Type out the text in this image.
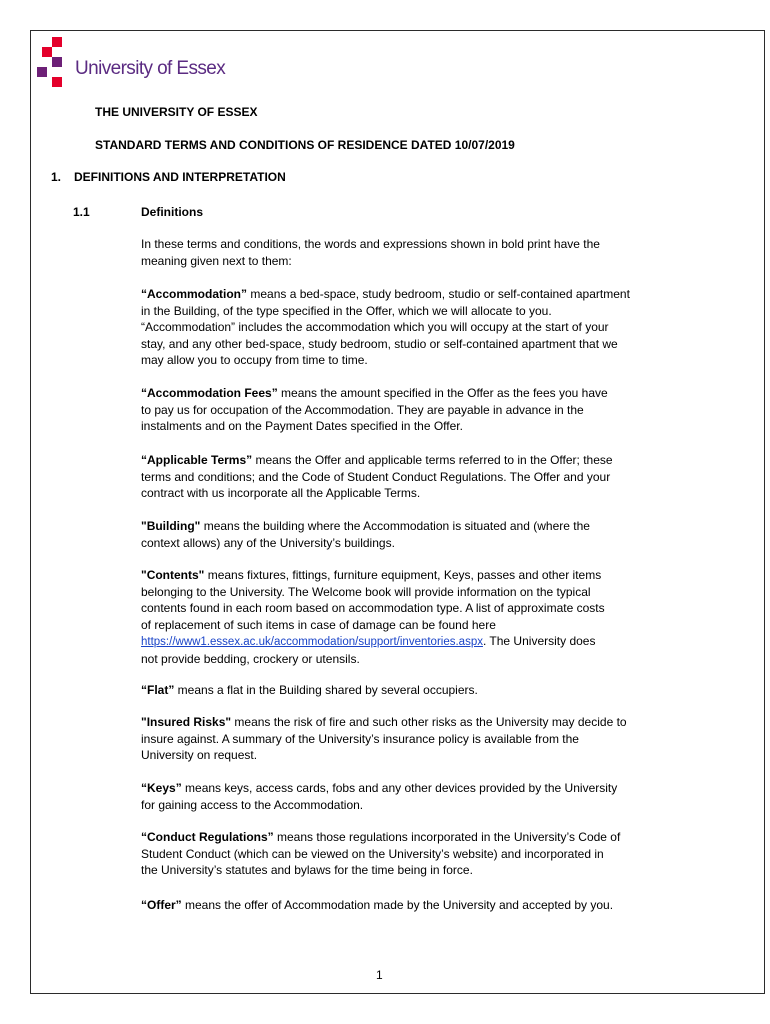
University of Essex
THE UNIVERSITY OF ESSEX
STANDARD TERMS AND CONDITIONS OF RESIDENCE DATED 10/07/2019
1. DEFINITIONS AND INTERPRETATION
1.1	Definitions
In these terms and conditions, the words and expressions shown in bold print have the
meaning given next to them:
“Accommodation” means a bed-space, study bedroom, studio or self-contained apartment
in the Building, of the type specified in the Offer, which we will allocate to you.
“Accommodation” includes the accommodation which you will occupy at the start of your
stay, and any other bed-space, study bedroom, studio or self-contained apartment that we
may allow you to occupy from time to time.
“Accommodation Fees” means the amount specified in the Offer as the fees you have
to pay us for occupation of the Accommodation. They are payable in advance in the
instalments and on the Payment Dates specified in the Offer.
“Applicable Terms” means the Offer and applicable terms referred to in the Offer; these
terms and conditions; and the Code of Student Conduct Regulations. The Offer and your
contract with us incorporate all the Applicable Terms.
"Building" means the building where the Accommodation is situated and (where the
context allows) any of the University’s buildings.
"Contents" means fixtures, fittings, furniture equipment, Keys, passes and other items
belonging to the University. The Welcome book will provide information on the typical
contents found in each room based on accommodation type. A list of approximate costs
of replacement of such items in case of damage can be found here
https://www1.essex.ac.uk/accommodation/support/inventories.aspx. The University does
not provide bedding, crockery or utensils.
“Flat” means a flat in the Building shared by several occupiers.
"Insured Risks" means the risk of fire and such other risks as the University may decide to
insure against. A summary of the University’s insurance policy is available from the
University on request.
“Keys” means keys, access cards, fobs and any other devices provided by the University
for gaining access to the Accommodation.
“Conduct Regulations” means those regulations incorporated in the University’s Code of
Student Conduct (which can be viewed on the University’s website) and incorporated in
the University’s statutes and bylaws for the time being in force.
“Offer” means the offer of Accommodation made by the University and accepted by you.
1
